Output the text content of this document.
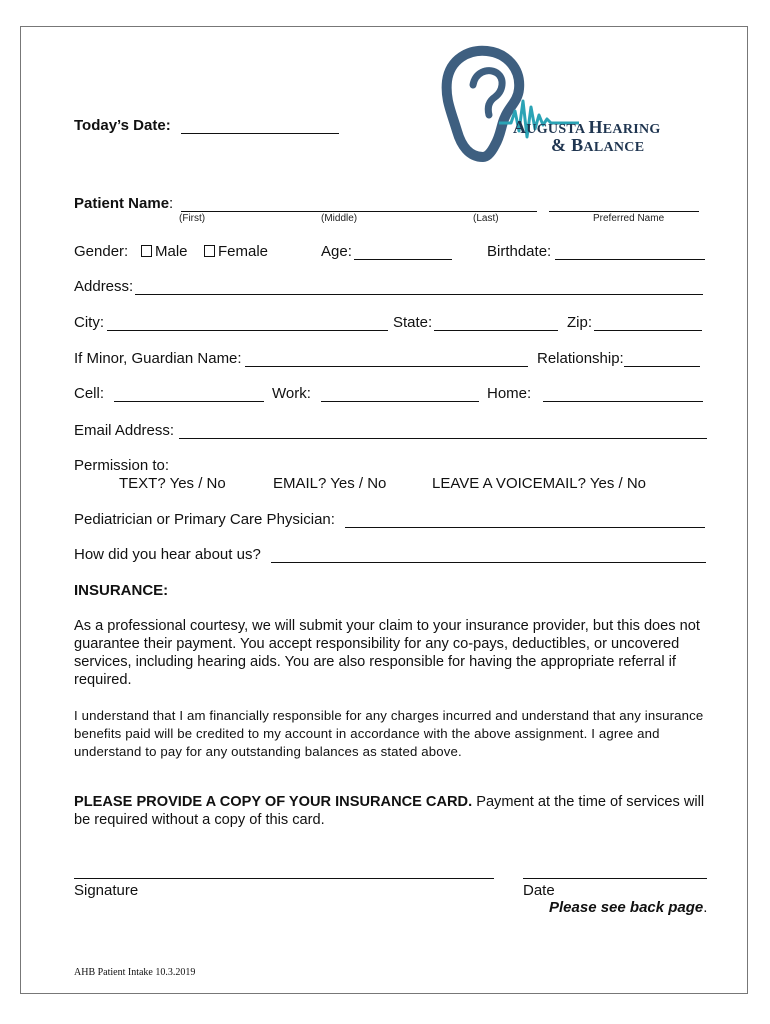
AUGUSTA HEARING
& BALANCE
Today’s Date:
Patient Name:
(First)	(Middle)	(Last)	Preferred Name
Gender:	Male	Female	Age:	Birthdate:
Address:
City:	State:	Zip:
If Minor, Guardian Name:	Relationship:
Cell:	Work:	Home:
Email Address:
Permission to:
TEXT? Yes / No	EMAIL? Yes / No	LEAVE A VOICEMAIL? Yes / No
Pediatrician or Primary Care Physician:
How did you hear about us?
INSURANCE:
As a professional courtesy, we will submit your claim to your insurance provider, but this does not guarantee their payment. You accept responsibility for any co-pays, deductibles, or uncovered services, including hearing aids. You are also responsible for having the appropriate referral if required.
I understand that I am financially responsible for any charges incurred and understand that any insurance benefits paid will be credited to my account in accordance with the above assignment. I agree and understand to pay for any outstanding balances as stated above.
PLEASE PROVIDE A COPY OF YOUR INSURANCE CARD. Payment at the time of services will be required without a copy of this card.
Signature	Date
Please see back page.
AHB Patient Intake 10.3.2019
